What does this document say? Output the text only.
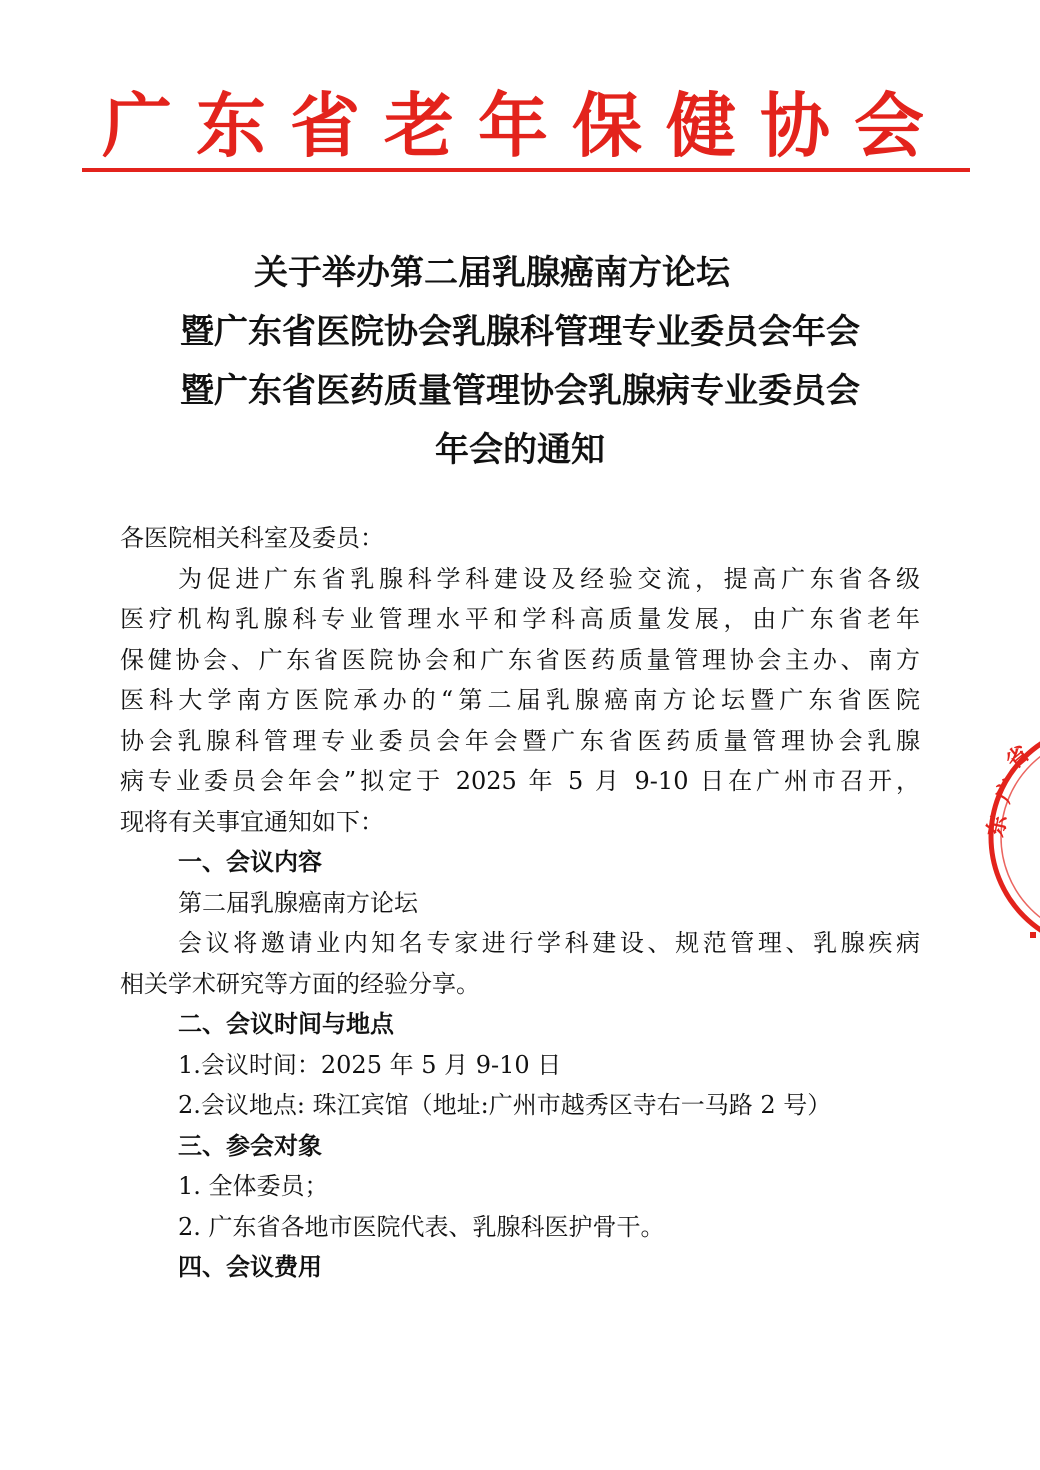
广东省老年保健协会
关于举办第二届乳腺癌南方论坛
暨广东省医院协会乳腺科管理专业委员会年会
暨广东省医药质量管理协会乳腺病专业委员会
年会的通知
各医院相关科室及委员：
为促进广东省乳腺科学科建设及经验交流，提高广东省各级
医疗机构乳腺科专业管理水平和学科高质量发展，由广东省老年
保健协会、广东省医院协会和广东省医药质量管理协会主办、南方
医科大学南方医院承办的“第二届乳腺癌南方论坛暨广东省医院
协会乳腺科管理专业委员会年会暨广东省医药质量管理协会乳腺
病专业委员会年会”拟定于 2025 年 5 月 9-10 日在广州市召开，
现将有关事宜通知如下：
一、会议内容
第二届乳腺癌南方论坛
会议将邀请业内知名专家进行学科建设、规范管理、乳腺疾病
相关学术研究等方面的经验分享。
二、会议时间与地点
1.会议时间：2025 年 5 月 9-10 日
2.会议地点: 珠江宾馆（地址:广州市越秀区寺右一马路 2 号）
三、参会对象
1. 全体委员；
2. 广东省各地市医院代表、乳腺科医护骨干。
四、会议费用
广
东
省
